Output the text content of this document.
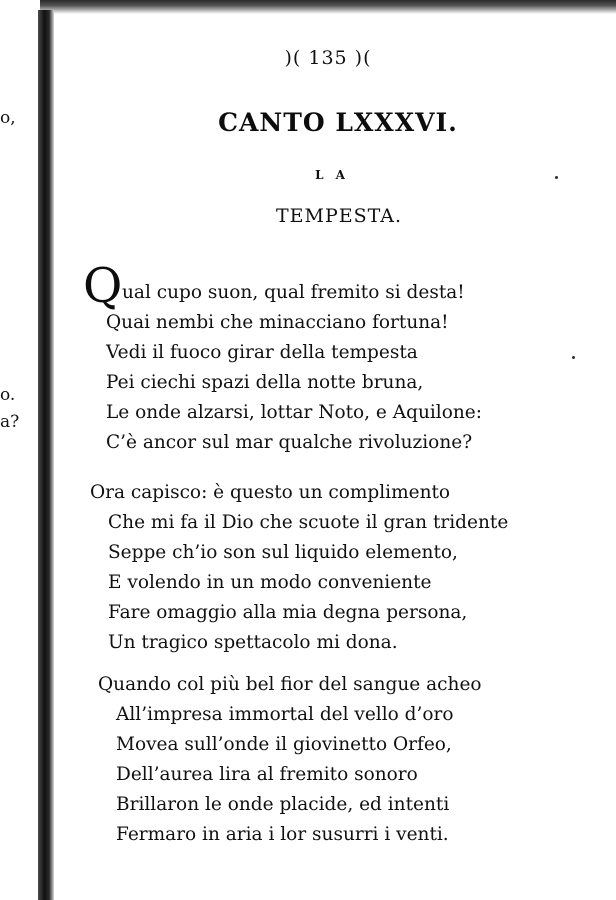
o,
o.
a?
)( 135 )(
CANTO LXXXVI.
LA
TEMPESTA.
Q ual cupo suon, qual fremito si desta!
Quai nembi che minacciano fortuna!
Vedi il fuoco girar della tempesta
Pei ciechi spazi della notte bruna,
Le onde alzarsi, lottar Noto, e Aquilone:
C’è ancor sul mar qualche rivoluzione?
Ora capisco: è questo un complimento
Che mi fa il Dio che scuote il gran tridente
Seppe ch’io son sul liquido elemento,
E volendo in un modo conveniente
Fare omaggio alla mia degna persona,
Un tragico spettacolo mi dona.
Quando col più bel fior del sangue acheo
All’impresa immortal del vello d’oro
Movea sull’onde il giovinetto Orfeo,
Dell’aurea lira al fremito sonoro
Brillaron le onde placide, ed intenti
Fermaro in aria i lor susurri i venti.
